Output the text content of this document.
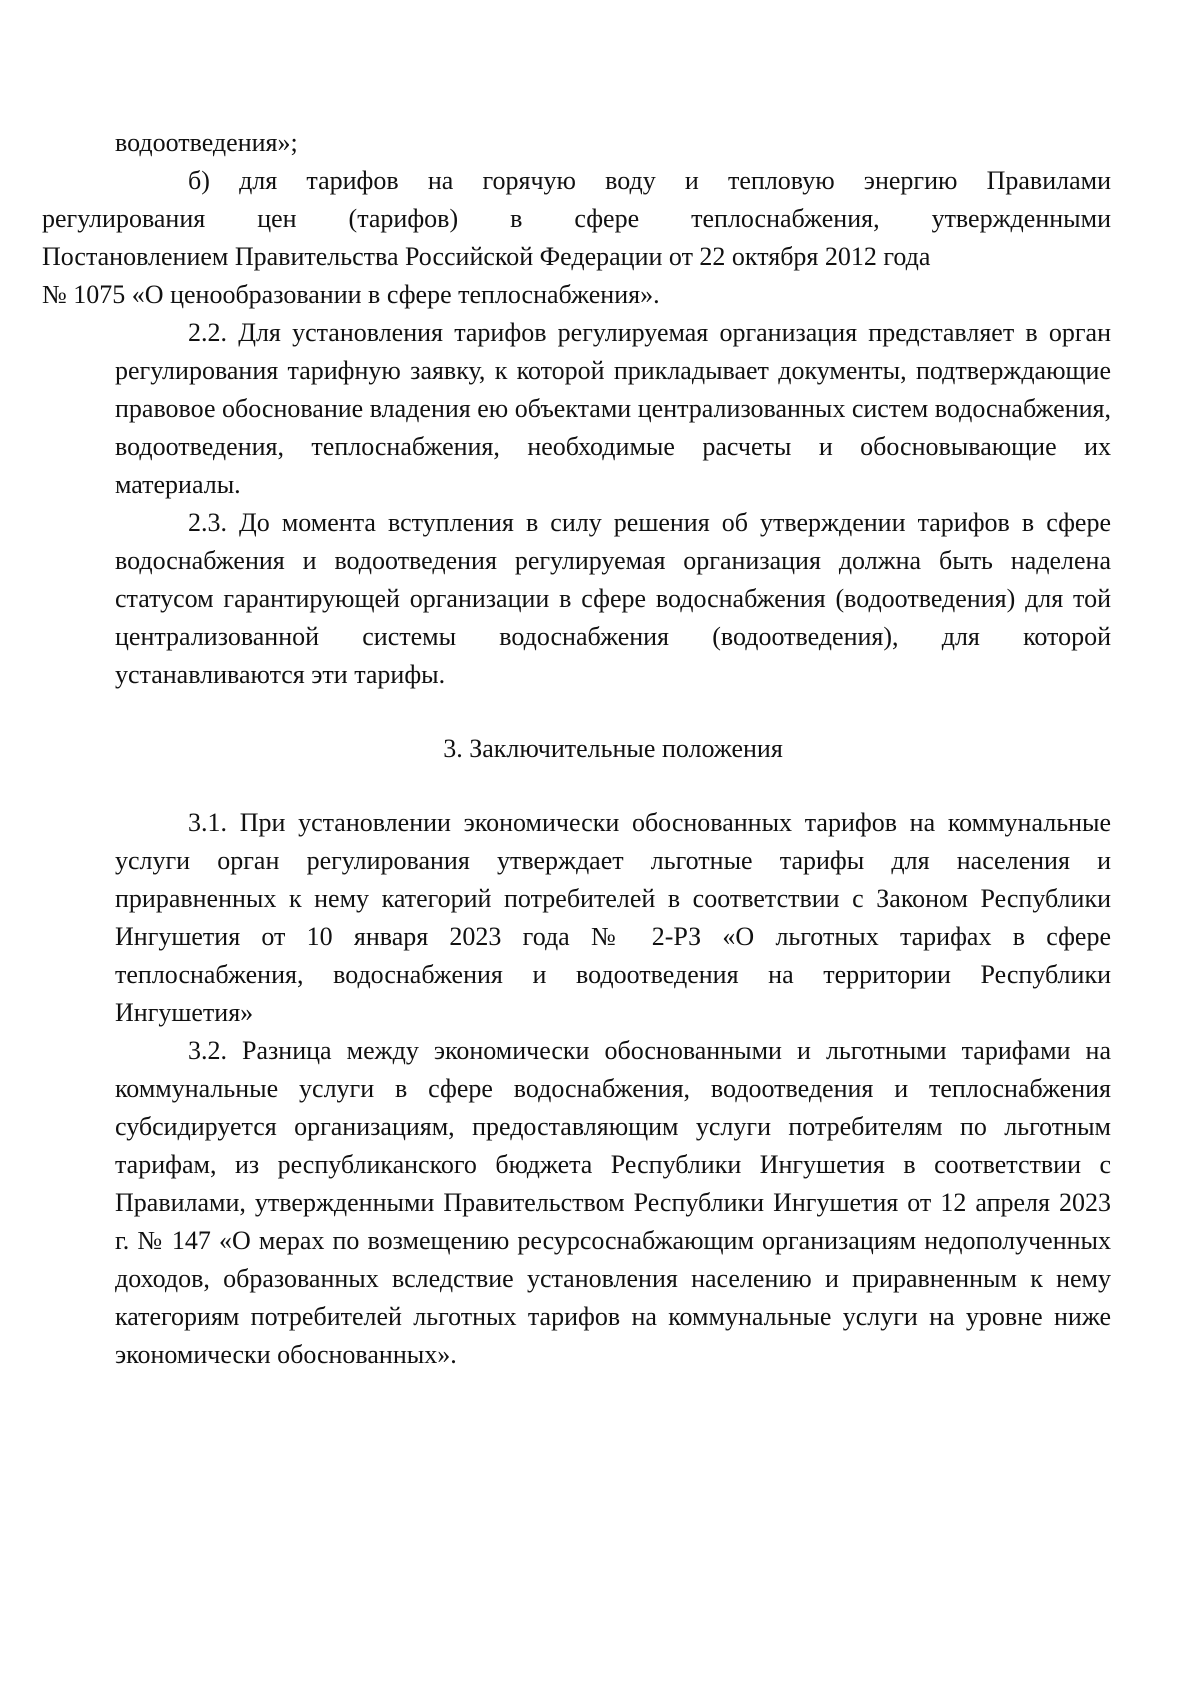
водоотведения»;

б) для тарифов на горячую воду и тепловую энергию Правилами
регулирования цен (тарифов) в сфере теплоснабжения, утвержденными
Постановлением Правительства Российской Федерации от 22 октября 2012 года
№ 1075 «О ценообразовании в сфере теплоснабжения».

2.2. Для установления тарифов регулируемая организация представляет в орган регулирования тарифную заявку, к которой прикладывает документы, подтверждающие правовое обоснование владения ею объектами централизованных систем водоснабжения, водоотведения, теплоснабжения, необходимые расчеты и обосновывающие их материалы.

2.3. До момента вступления в силу решения об утверждении тарифов в сфере водоснабжения и водоотведения регулируемая организация должна быть наделена статусом гарантирующей организации в сфере водоснабжения (водоотведения) для той централизованной системы водоснабжения (водоотведения), для которой устанавливаются эти тарифы.

3. Заключительные положения

3.1. При установлении экономически обоснованных тарифов на коммунальные услуги орган регулирования утверждает льготные тарифы для населения и приравненных к нему категорий потребителей в соответствии с Законом Республики Ингушетия от 10 января 2023 года № 2-РЗ «О льготных тарифах в сфере теплоснабжения, водоснабжения и водоотведения на территории Республики Ингушетия»

3.2. Разница между экономически обоснованными и льготными тарифами на коммунальные услуги в сфере водоснабжения, водоотведения и теплоснабжения субсидируется организациям, предоставляющим услуги потребителям по льготным тарифам, из республиканского бюджета Республики Ингушетия в соответствии с Правилами, утвержденными Правительством Республики Ингушетия от 12 апреля 2023 г. № 147 «О мерах по возмещению ресурсоснабжающим организациям недополученных доходов, образованных вследствие установления населению и приравненным к нему категориям потребителей льготных тарифов на коммунальные услуги на уровне ниже экономически обоснованных».
